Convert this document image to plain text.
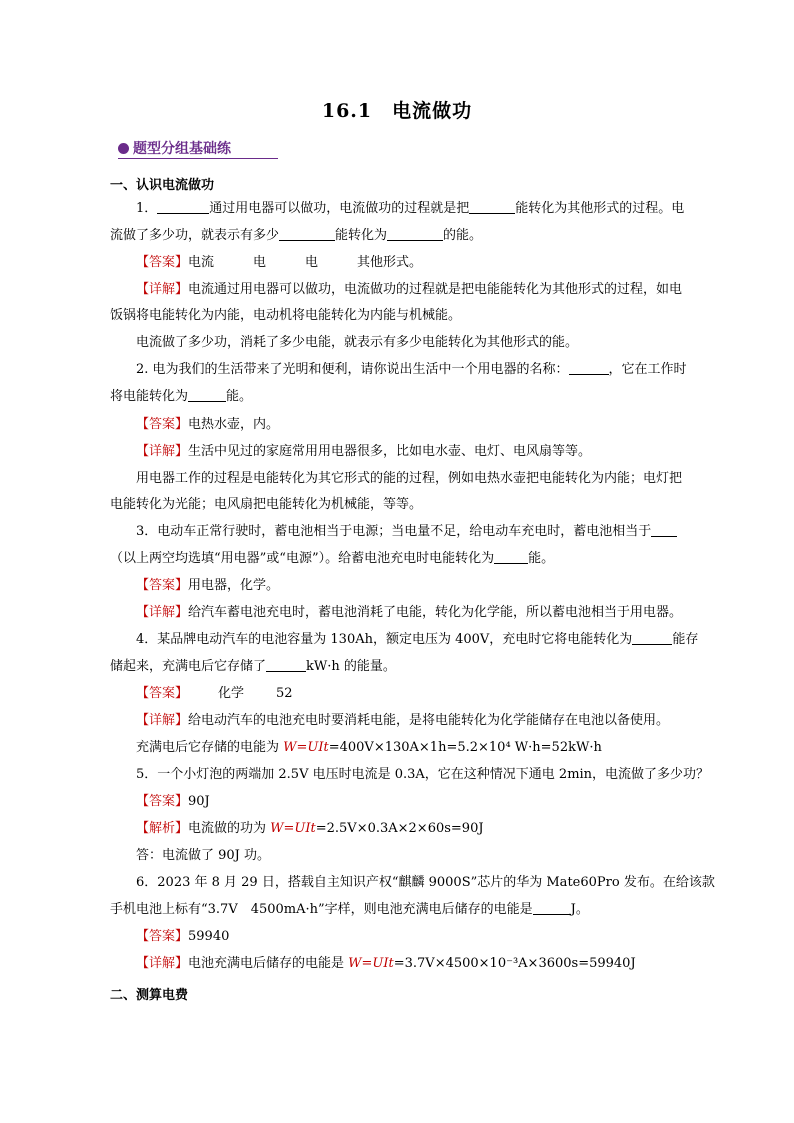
16.1　电流做功
题型分组基础练
一、认识电流做功
1．	通过用电器可以做功，电流做功的过程就是把	能转化为其他形式的过程。电
流做了多少功，就表示有多少	能转化为	的能。
【答案】电流　　　电　　　电　　　其他形式。
【详解】电流通过用电器可以做功，电流做功的过程就是把电能能转化为其他形式的过程，如电
饭锅将电能转化为内能，电动机将电能转化为内能与机械能。
电流做了多少功，消耗了多少电能，就表示有多少电能转化为其他形式的能。
2. 电为我们的生活带来了光明和便利，请你说出生活中一个用电器的名称：	，它在工作时
将电能转化为	能。
【答案】电热水壶，内。
【详解】生活中见过的家庭常用用电器很多，比如电水壶、电灯、电风扇等等。
用电器工作的过程是电能转化为其它形式的能的过程，例如电热水壶把电能转化为内能；电灯把
电能转化为光能；电风扇把电能转化为机械能，等等。
3．电动车正常行驶时，蓄电池相当于电源；当电量不足，给电动车充电时，蓄电池相当于
（以上两空均选填“用电器”或“电源”）。给蓄电池充电时电能转化为	能。
【答案】用电器，化学。
【详解】给汽车蓄电池充电时，蓄电池消耗了电能，转化为化学能，所以蓄电池相当于用电器。
4．某品牌电动汽车的电池容量为 130Ah，额定电压为 400V，充电时它将电能转化为	能存
储起来，充满电后它存储了	kW·h 的能量。
【答案】 化学 52
【详解】给电动汽车的电池充电时要消耗电能，是将电能转化为化学能储存在电池以备使用。
充满电后它存储的电能为 W=UIt=400V×130A×1h=5.2×10⁴ W·h=52kW·h
5．一个小灯泡的两端加 2.5V 电压时电流是 0.3A，它在这种情况下通电 2min，电流做了多少功？
【答案】90J
【解析】电流做的功为 W=UIt=2.5V×0.3A×2×60s=90J
答：电流做了 90J 功。
6．2023 年 8 月 29 日，搭载自主知识产权“麒麟 9000S”芯片的华为 Mate60Pro 发布。在给该款
手机电池上标有“3.7V　4500mA·h”字样，则电池充满电后储存的电能是	J。
【答案】59940
【详解】电池充满电后储存的电能是 W=UIt=3.7V×4500×10⁻³A×3600s=59940J
二、测算电费
